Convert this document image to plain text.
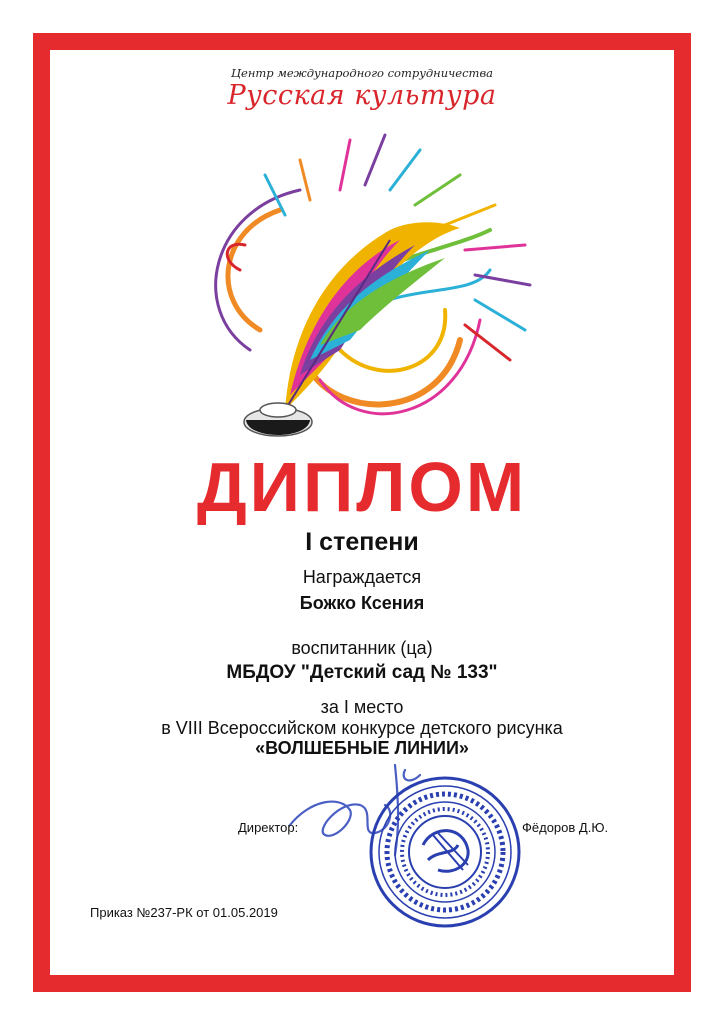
Центр международного сотрудничества
Русская культура
ДИПЛОМ
I степени
Награждается
Божко Ксения
воспитанник (ца)
МБДОУ "Детский сад № 133"
за I место
в VIII Всероссийском конкурсе детского рисунка
«ВОЛШЕБНЫЕ ЛИНИИ»
Директор:	Фёдоров Д.Ю.
Приказ №237-РК от 01.05.2019
